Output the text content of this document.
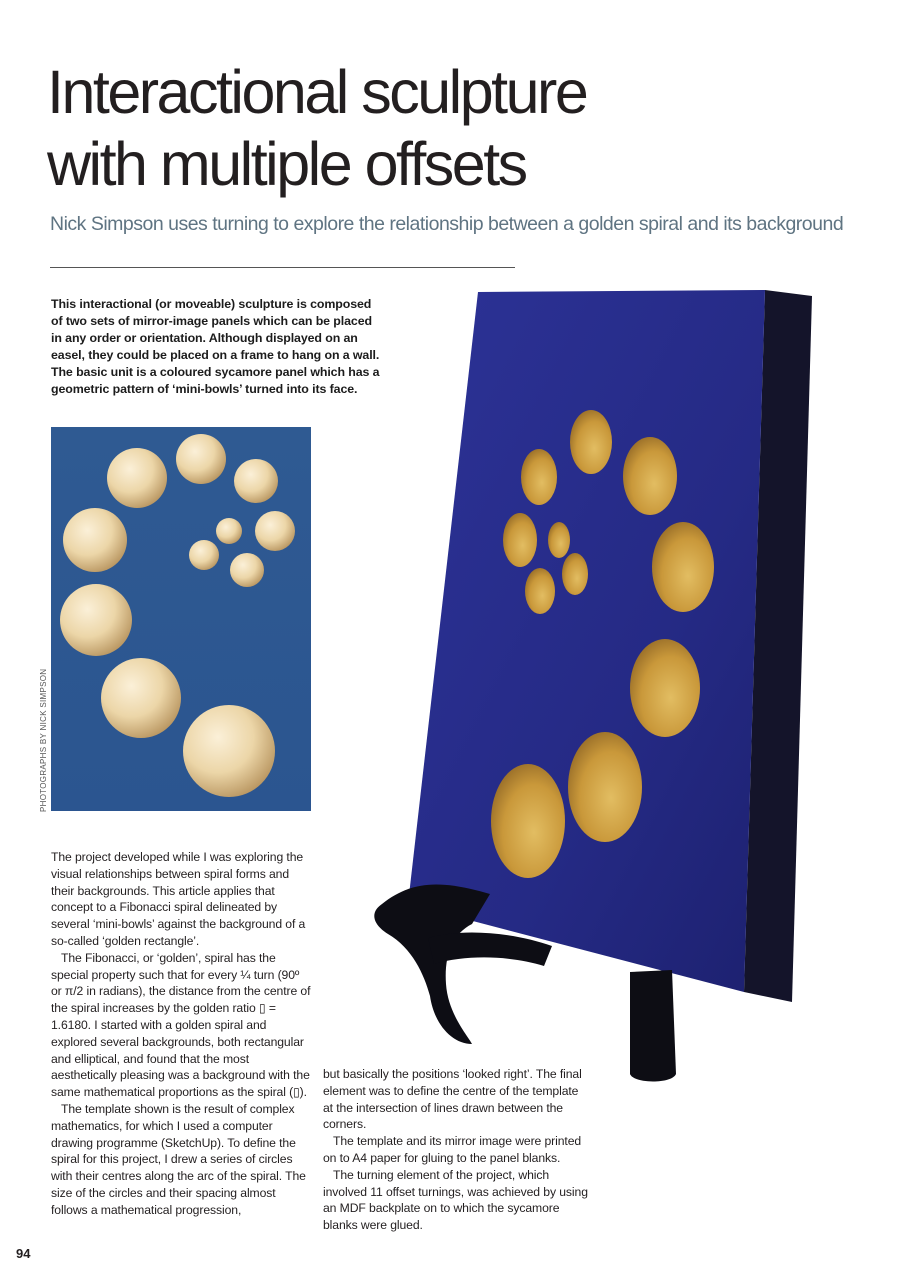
Interactional sculpture
with multiple offsets
Nick Simpson uses turning to explore the relationship between a golden spiral and its background
This interactional (or moveable) sculpture is composed of two sets of mirror-image panels which can be placed in any order or orientation. Although displayed on an easel, they could be placed on a frame to hang on a wall. The basic unit is a coloured sycamore panel which has a geometric pattern of ‘mini-bowls’ turned into its face.
PHOTOGRAPHS BY NICK SIMPSON

The project developed while I was exploring the visual relationships between spiral forms and their backgrounds. This article applies that concept to a Fibonacci spiral delineated by several ‘mini-bowls’ against the background of a so-called ‘golden rectangle’.

The Fibonacci, or ‘golden’, spiral has the special property such that for every ¼ turn (90º or π/2 in radians), the distance from the centre of the spiral increases by the golden ratio ▯ = 1.6180. I started with a golden spiral and explored several backgrounds, both rectangular and elliptical, and found that the most aesthetically pleasing was a background with the same mathematical proportions as the spiral (▯).

The template shown is the result of complex mathematics, for which I used a computer drawing programme (SketchUp). To define the spiral for this project, I drew a series of circles with their centres along the arc of the spiral. The size of the circles and their spacing almost follows a mathematical progression,

but basically the positions ‘looked right’. The final element was to define the centre of the template at the intersection of lines drawn between the corners.

The template and its mirror image were printed on to A4 paper for gluing to the panel blanks.

The turning element of the project, which involved 11 offset turnings, was achieved by using an MDF backplate on to which the sycamore blanks were glued.

94
